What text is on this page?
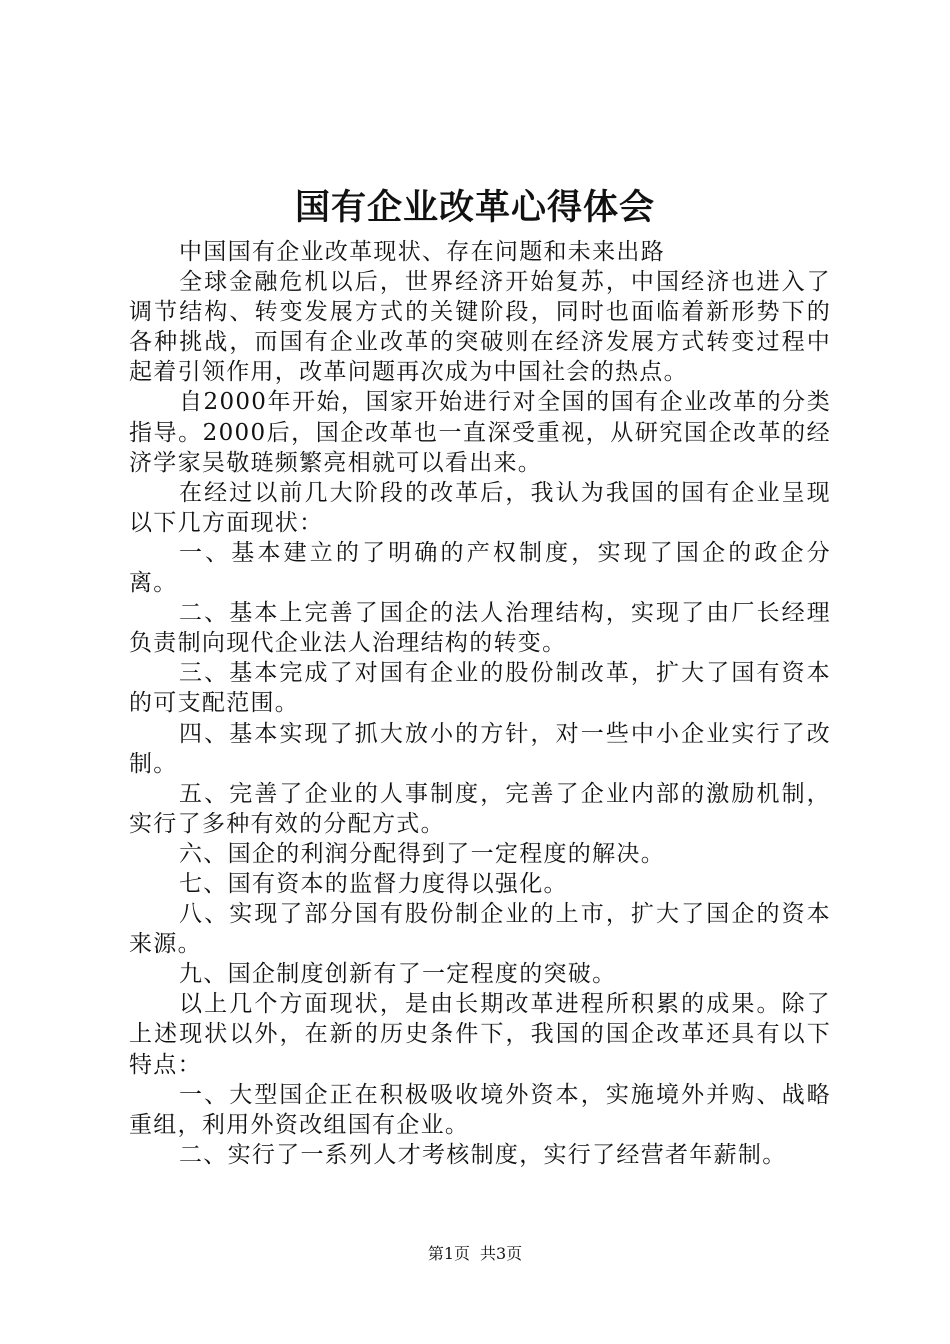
国有企业改革心得体会

中国国有企业改革现状、存在问题和未来出路

全球金融危机以后，世界经济开始复苏，中国经济也进入了调节结构、转变发展方式的关键阶段，同时也面临着新形势下的各种挑战，而国有企业改革的突破则在经济发展方式转变过程中起着引领作用，改革问题再次成为中国社会的热点。

自2000年开始，国家开始进行对全国的国有企业改革的分类指导。2000后，国企改革也一直深受重视，从研究国企改革的经济学家吴敬琏频繁亮相就可以看出来。

在经过以前几大阶段的改革后，我认为我国的国有企业呈现以下几方面现状：

一、基本建立的了明确的产权制度，实现了国企的政企分离。

二、基本上完善了国企的法人治理结构，实现了由厂长经理负责制向现代企业法人治理结构的转变。

三、基本完成了对国有企业的股份制改革，扩大了国有资本的可支配范围。

四、基本实现了抓大放小的方针，对一些中小企业实行了改制。

五、完善了企业的人事制度，完善了企业内部的激励机制，实行了多种有效的分配方式。

六、国企的利润分配得到了一定程度的解决。

七、国有资本的监督力度得以强化。

八、实现了部分国有股份制企业的上市，扩大了国企的资本来源。

九、国企制度创新有了一定程度的突破。

以上几个方面现状，是由长期改革进程所积累的成果。除了上述现状以外，在新的历史条件下，我国的国企改革还具有以下特点：

一、大型国企正在积极吸收境外资本，实施境外并购、战略重组，利用外资改组国有企业。

二、实行了一系列人才考核制度，实行了经营者年薪制。

第1页 共3页
